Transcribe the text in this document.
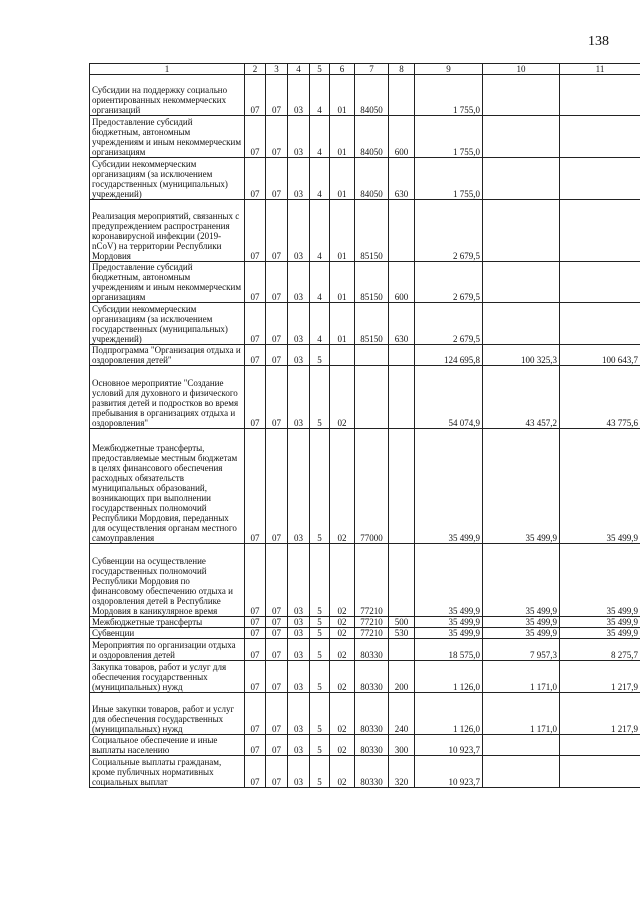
138
1	2	3	4	5	6	7	8	9	10	11
Субсидии на поддержку социально ориентированных некоммерческих организаций	07	07	03	4	01	84050		1 755,0		
Предоставление субсидий бюджетным, автономным учреждениям и иным некоммерческим организациям	07	07	03	4	01	84050	600	1 755,0		
Субсидии некоммерческим организациям (за исключением государственных (муниципальных) учреждений)	07	07	03	4	01	84050	630	1 755,0		
Реализация мероприятий, связанных с предупреждением распространения коронавирусной инфекции (2019-nCoV) на территории Республики Мордовия	07	07	03	4	01	85150		2 679,5		
Предоставление субсидий бюджетным, автономным учреждениям и иным некоммерческим организациям	07	07	03	4	01	85150	600	2 679,5		
Субсидии некоммерческим организациям (за исключением государственных (муниципальных) учреждений)	07	07	03	4	01	85150	630	2 679,5		
Подпрограмма "Организация отдыха и оздоровления детей"	07	07	03	5				124 695,8	100 325,3	100 643,7
Основное мероприятие "Создание условий для духовного и физического развития детей и подростков во время пребывания в организациях отдыха и оздоровления"	07	07	03	5	02			54 074,9	43 457,2	43 775,6
Межбюджетные трансферты, предоставляемые местным бюджетам в целях финансового обеспечения расходных обязательств муниципальных образований, возникающих при выполнении государственных полномочий Республики Мордовия, переданных для осуществления органам местного самоуправления	07	07	03	5	02	77000		35 499,9	35 499,9	35 499,9
Субвенции на осуществление государственных полномочий Республики Мордовия по финансовому обеспечению отдыха и оздоровления детей в Республике Мордовия в каникулярное время	07	07	03	5	02	77210		35 499,9	35 499,9	35 499,9
Межбюджетные трансферты	07	07	03	5	02	77210	500	35 499,9	35 499,9	35 499,9
Субвенции	07	07	03	5	02	77210	530	35 499,9	35 499,9	35 499,9
Мероприятия по организации отдыха и оздоровления детей	07	07	03	5	02	80330		18 575,0	7 957,3	8 275,7
Закупка товаров, работ и услуг для обеспечения государственных (муниципальных) нужд	07	07	03	5	02	80330	200	1 126,0	1 171,0	1 217,9
Иные закупки товаров, работ и услуг для обеспечения государственных (муниципальных) нужд	07	07	03	5	02	80330	240	1 126,0	1 171,0	1 217,9
Социальное обеспечение и иные выплаты населению	07	07	03	5	02	80330	300	10 923,7		
Социальные выплаты гражданам, кроме публичных нормативных социальных выплат	07	07	03	5	02	80330	320	10 923,7		
